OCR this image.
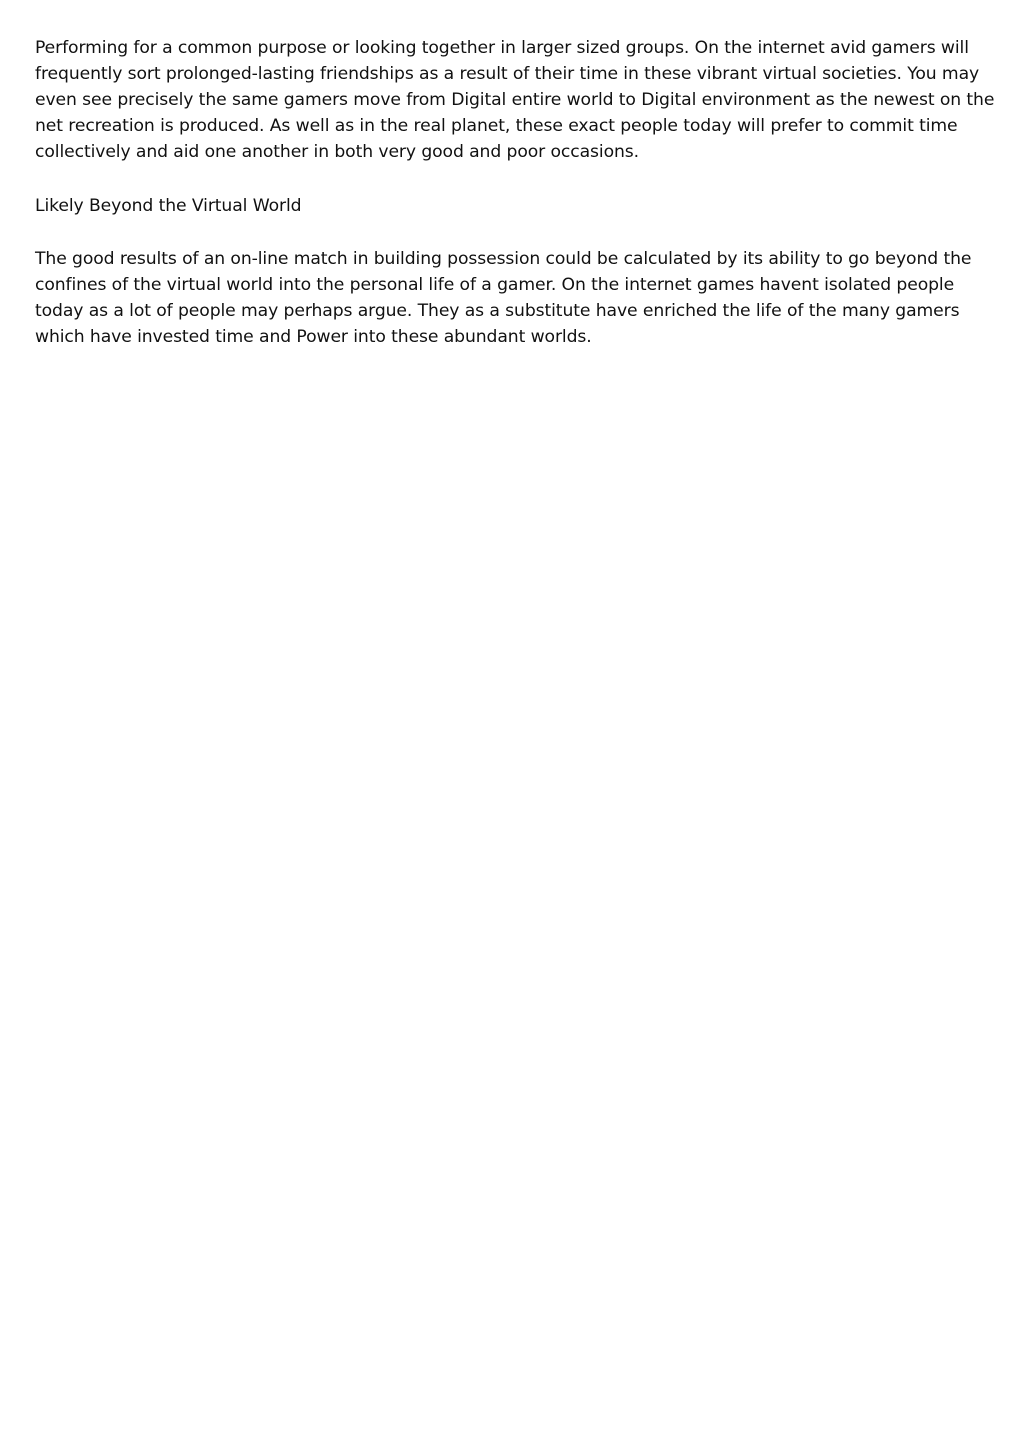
Performing for a common purpose or looking together in larger sized groups. On the internet avid gamers will frequently sort prolonged-lasting friendships as a result of their time in these vibrant virtual societies. You may even see precisely the same gamers move from Digital entire world to Digital environment as the newest on the net recreation is produced. As well as in the real planet, these exact people today will prefer to commit time collectively and aid one another in both very good and poor occasions.

Likely Beyond the Virtual World

The good results of an on-line match in building possession could be calculated by its ability to go beyond the confines of the virtual world into the personal life of a gamer. On the internet games havent isolated people today as a lot of people may perhaps argue. They as a substitute have enriched the life of the many gamers which have invested time and Power into these abundant worlds.
